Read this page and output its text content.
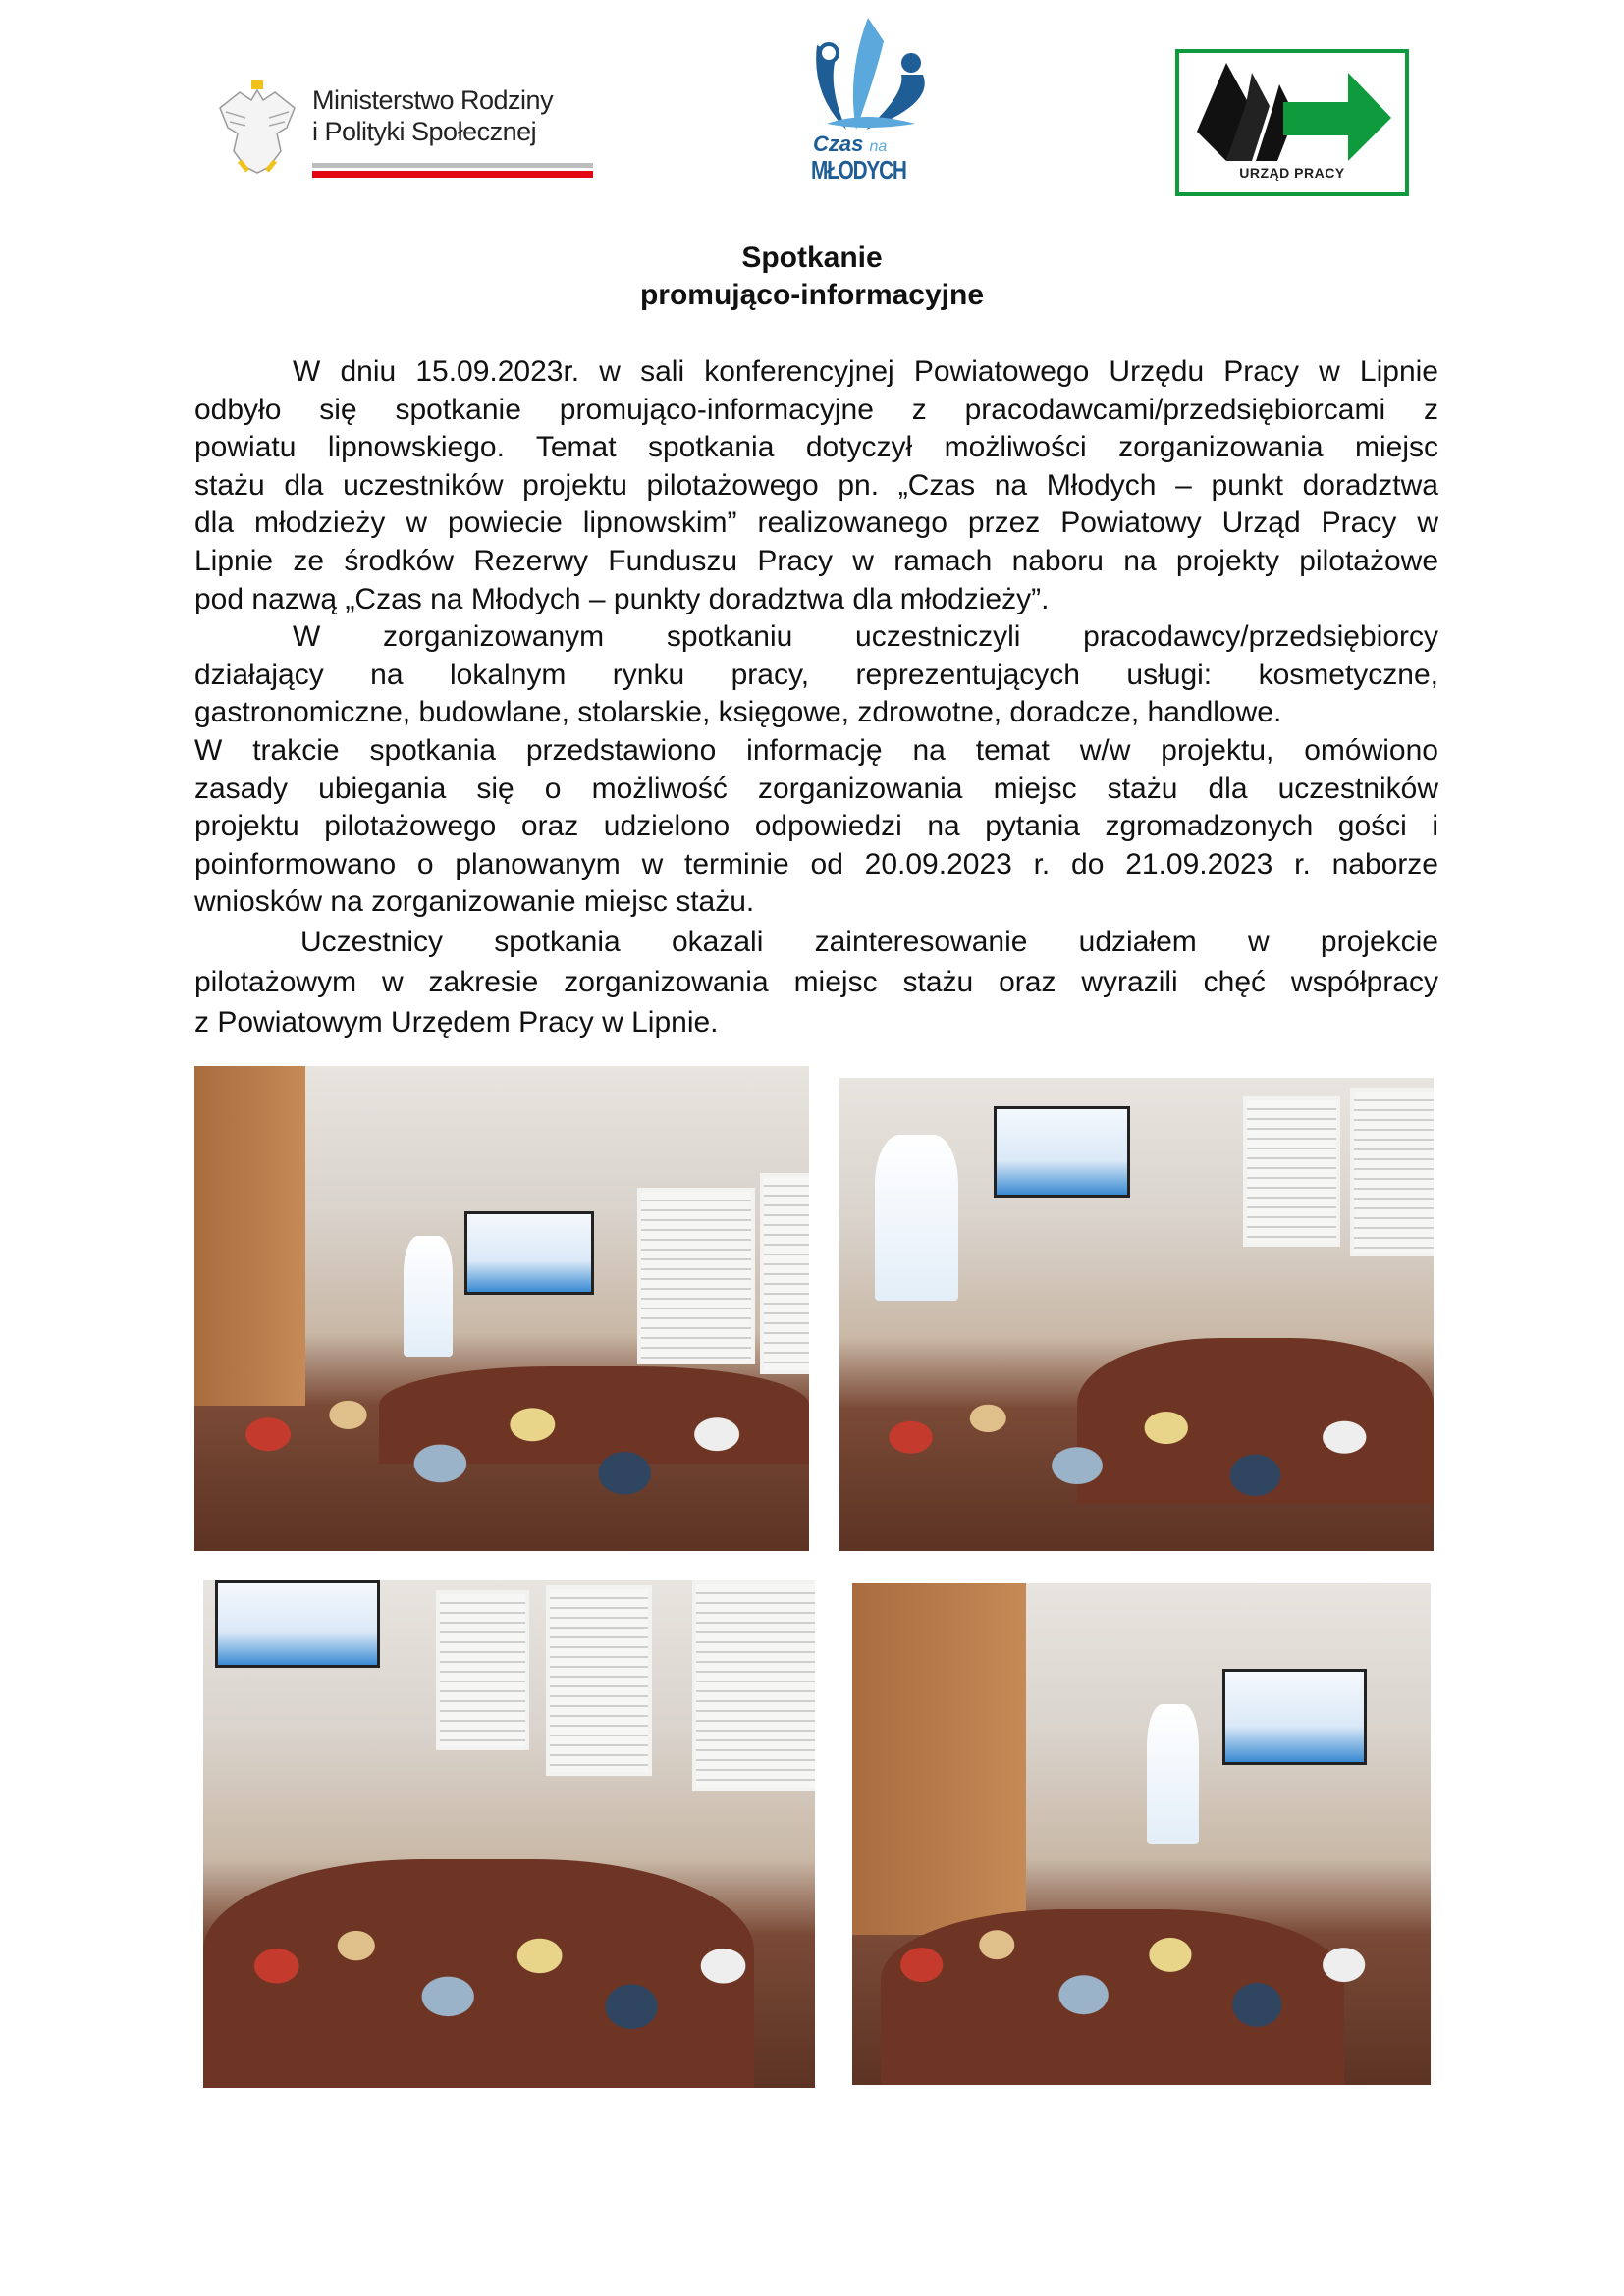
Ministerstwo Rodziny
i Polityki Społecznej	Czas na
MŁODYCH	URZĄD PRACY
Spotkanie
promująco-informacyjne
W dniu 15.09.2023r. w sali konferencyjnej Powiatowego Urzędu Pracy w Lipnie
odbyło się spotkanie promująco-informacyjne z pracodawcami/przedsiębiorcami z
powiatu lipnowskiego. Temat spotkania dotyczył możliwości zorganizowania miejsc
stażu dla uczestników projektu pilotażowego pn. „Czas na Młodych – punkt doradztwa
dla młodzieży w powiecie lipnowskim” realizowanego przez Powiatowy Urząd Pracy w
Lipnie ze środków Rezerwy Funduszu Pracy w ramach naboru na projekty pilotażowe
pod nazwą „Czas na Młodych – punkty doradztwa dla młodzieży”.
W zorganizowanym spotkaniu uczestniczyli pracodawcy/przedsiębiorcy
działający na lokalnym rynku pracy, reprezentujących usługi: kosmetyczne,
gastronomiczne, budowlane, stolarskie, księgowe, zdrowotne, doradcze, handlowe.
W trakcie spotkania przedstawiono informację na temat w/w projektu, omówiono
zasady ubiegania się o możliwość zorganizowania miejsc stażu dla uczestników
projektu pilotażowego oraz udzielono odpowiedzi na pytania zgromadzonych gości i
poinformowano o planowanym w terminie od 20.09.2023 r. do 21.09.2023 r. naborze
wniosków na zorganizowanie miejsc stażu.
Uczestnicy spotkania okazali zainteresowanie udziałem w projekcie
pilotażowym w zakresie zorganizowania miejsc stażu oraz wyrazili chęć współpracy
z Powiatowym Urzędem Pracy w Lipnie.
